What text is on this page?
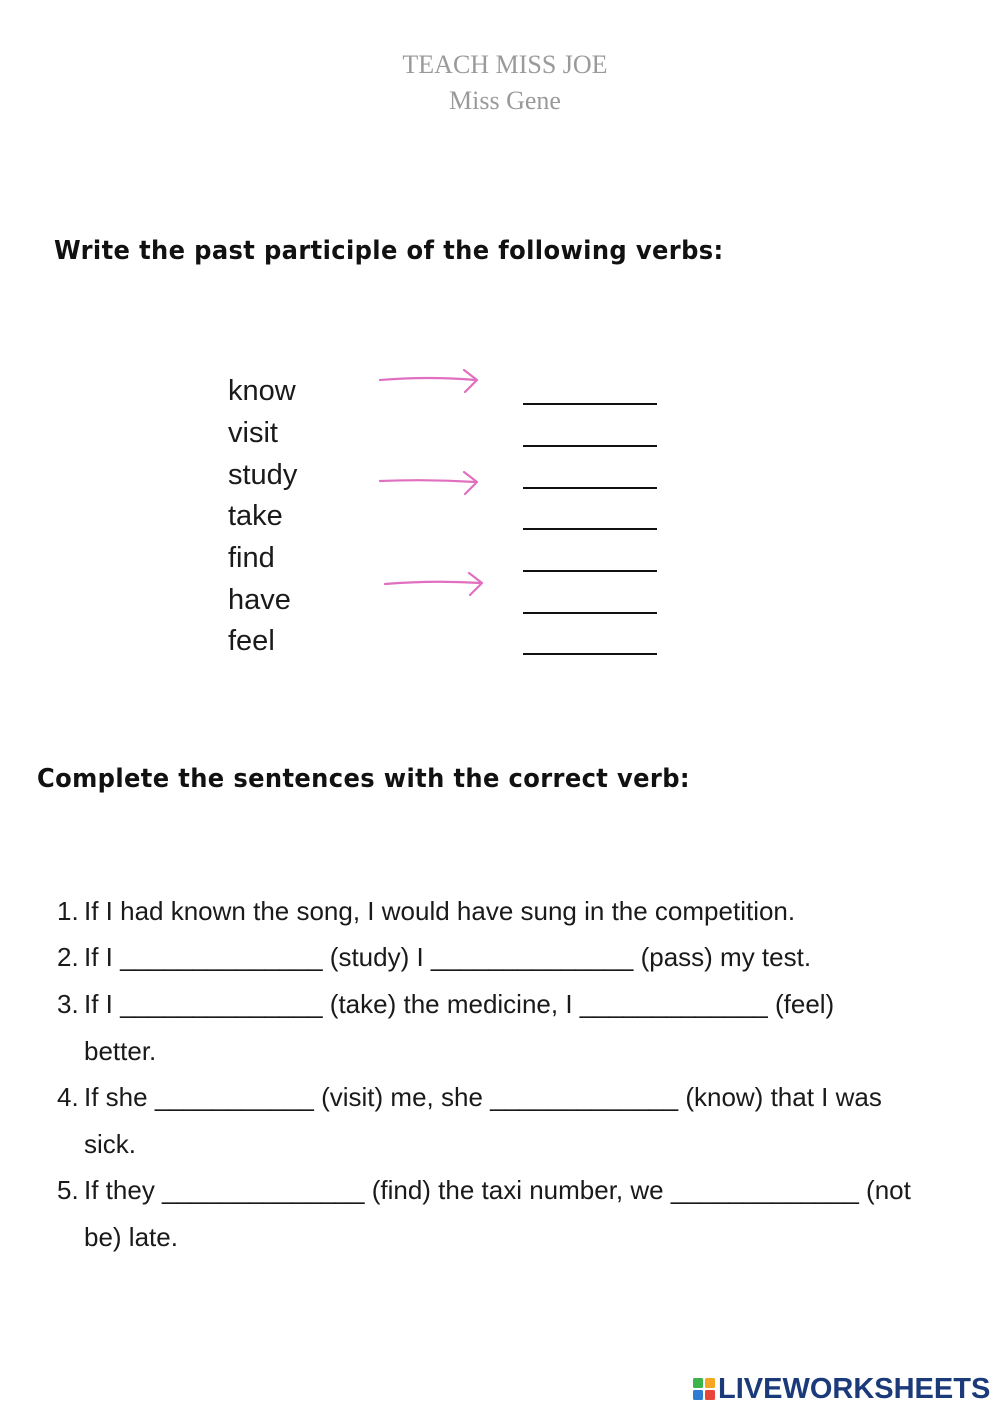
TEACH MISS JOE
Miss Gene
Write the past participle of the following verbs:
know
visit
study
take
find
have
feel
Complete the sentences with the correct verb:
1. If I had known the song, I would have sung in the competition.
2. If I ______________ (study) I ______________ (pass) my test.
3. If I ______________ (take) the medicine, I _____________ (feel) better.
4. If she ___________ (visit) me, she _____________ (know) that I was sick.
5. If they ______________ (find) the taxi number, we _____________ (not be) late.
LIVEWORKSHEETS
